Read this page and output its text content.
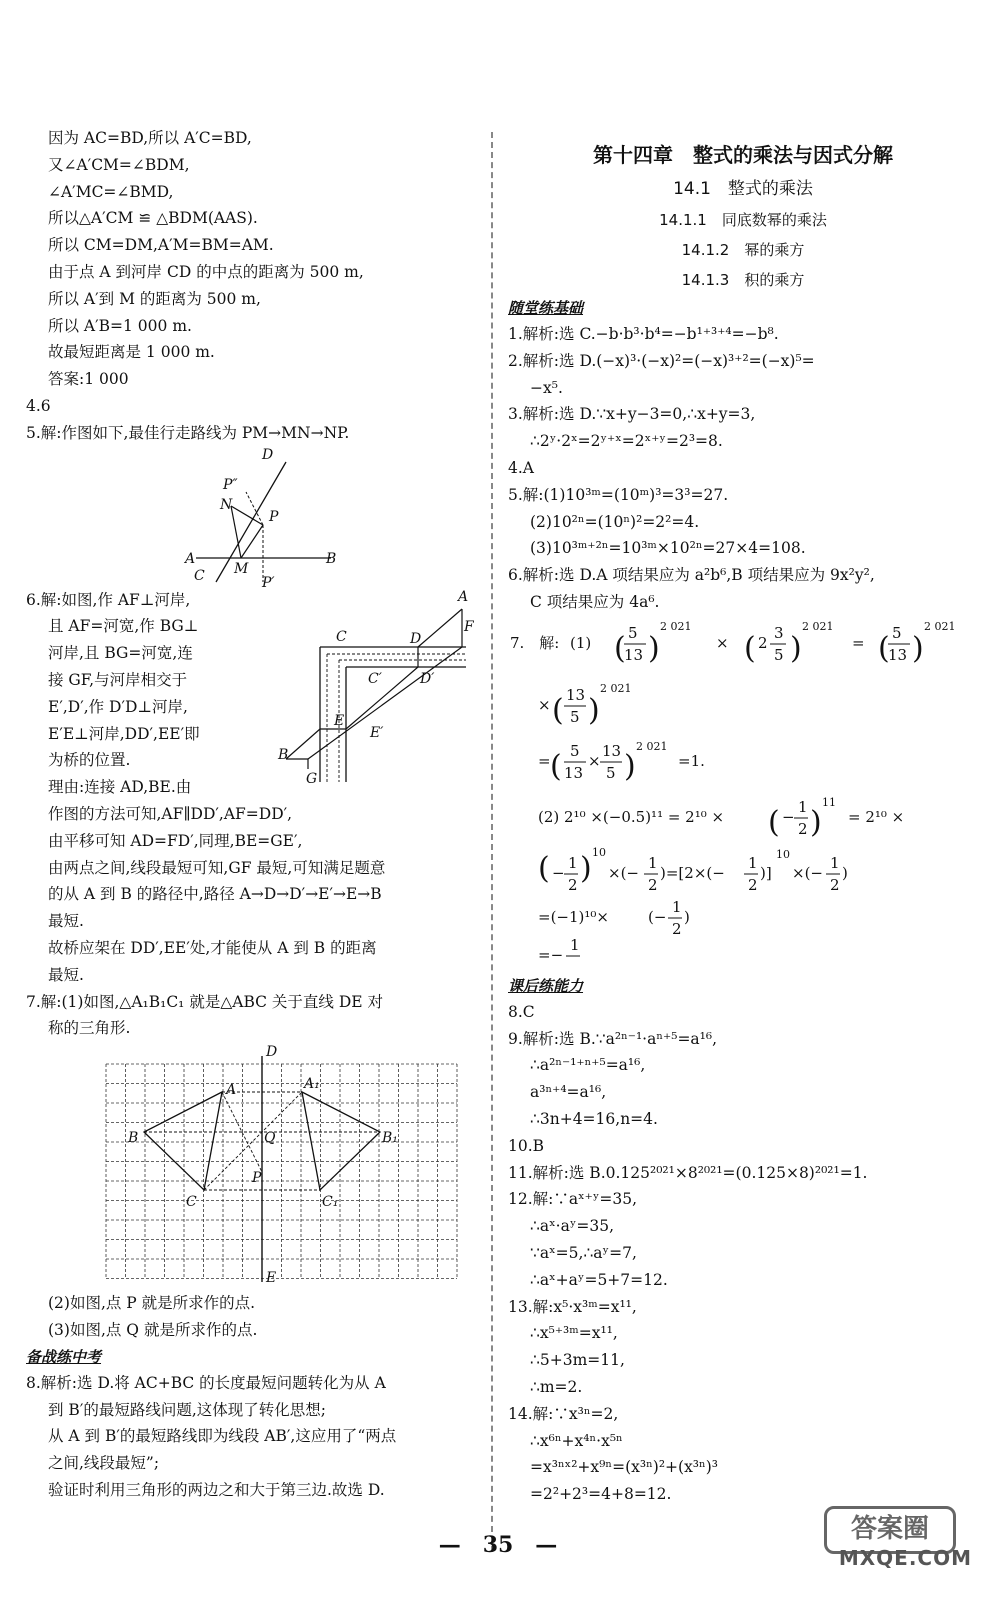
因为 AC=BD,所以 A′C=BD,
又∠A′CM=∠BDM,
∠A′MC=∠BMD,
所以△A′CM ≌ △BDM(AAS).
所以 CM=DM,A′M=BM=AM.
由于点 A 到河岸 CD 的中点的距离为 500 m,
所以 A′到 M 的距离为 500 m,
所以 A′B=1 000 m.
故最短距离是 1 000 m.
答案:1 000
4.6
5.解:作图如下,最佳行走路线为 PM→MN→NP.
D
P″
N
P
A
M
B
C	P′
6.解:如图,作 AF⊥河岸,
且 AF=河宽,作 BG⊥
河岸,且 BG=河宽,连
接 GF,与河岸相交于
E′,D′,作 D′D⊥河岸,
E′E⊥河岸,DD′,EE′即
为桥的位置.
理由:连接 AD,BE.由
作图的方法可知,AF∥DD′,AF=DD′,
由平移可知 AD=FD′,同理,BE=GE′,
由两点之间,线段最短可知,GF 最短,可知满足题意
的从 A 到 B 的路径中,路径 A→D→D′→E′→E→B
最短.
故桥应架在 DD′,EE′处,才能使从 A 到 B 的距离
最短.
A
F
C	D
C′	D′
E
E′
B
G
7.解:(1)如图,△A₁B₁C₁ 就是△ABC 关于直线 DE 对
称的三角形.
D
A	A₁
B	Q	B₁
P
C	C₁
E
(2)如图,点 P 就是所求作的点.
(3)如图,点 Q 就是所求作的点.
备战练中考
8.解析:选 D.将 AC+BC 的长度最短问题转化为从 A
到 B′的最短路线问题,这体现了转化思想;
从 A 到 B′的最短路线即为线段 AB′,这应用了“两点
之间,线段最短”;
验证时利用三角形的两边之和大于第三边.故选 D.
第十四章　整式的乘法与因式分解
14.1　整式的乘法
14.1.1　同底数幂的乘法
14.1.2　幂的乘方
14.1.3　积的乘方
随堂练基础
1.解析:选 C.−b·b³·b⁴=−b¹⁺³⁺⁴=−b⁸.
2.解析:选 D.(−x)³·(−x)²=(−x)³⁺²=(−x)⁵=
−x⁵.
3.解析:选 D.∵x+y−3=0,∴x+y=3,
∴2ʸ·2ˣ=2ʸ⁺ˣ=2ˣ⁺ʸ=2³=8.
4.A
5.解:(1)10³ᵐ=(10ᵐ)³=3³=27.
(2)10²ⁿ=(10ⁿ)²=2²=4.
(3)10³ᵐ⁺²ⁿ=10³ᵐ×10²ⁿ=27×4=108.
6.解析:选 D.A 项结果应为 a²b⁶,B 项结果应为 9x²y²,
C 项结果应为 4a⁶.
7.　解: (1) ( 5
13 )
2 021
× ( 2
3
5 )
2 021
= ( 5
13 )
2 021
× ( 13
5 )
2 021
= ( 5
13
×
13
5 )
2 021
=1.
(2) 2¹⁰ ×(−0.5)¹¹ = 2¹⁰ × ( −
1
2 )
11
= 2¹⁰ ×
( −
1
2 ) 10
×(−
1
2
)=[2×(−
1
2
)]
10
×(−
1
2
)
=(−1)¹⁰×	(−
1
2
)
=−
1
课后练能力
8.C
9.解析:选 B.∵a²ⁿ⁻¹·aⁿ⁺⁵=a¹⁶,
∴a²ⁿ⁻¹⁺ⁿ⁺⁵=a¹⁶,
a³ⁿ⁺⁴=a¹⁶,
∴3n+4=16,n=4.
10.B
11.解析:选 B.0.125²⁰²¹×8²⁰²¹=(0.125×8)²⁰²¹=1.
12.解:∵aˣ⁺ʸ=35,
∴aˣ·aʸ=35,
∵aˣ=5,∴aʸ=7,
∴aˣ+aʸ=5+7=12.
13.解:x⁵·x³ᵐ=x¹¹,
∴x⁵⁺³ᵐ=x¹¹,
∴5+3m=11,
∴m=2.
14.解:∵x³ⁿ=2,
∴x⁶ⁿ+x⁴ⁿ·x⁵ⁿ
=x³ⁿˣ²+x⁹ⁿ=(x³ⁿ)²+(x³ⁿ)³
=2²+2³=4+8=12.
—　35　—
答案圈
MXQE.COM
